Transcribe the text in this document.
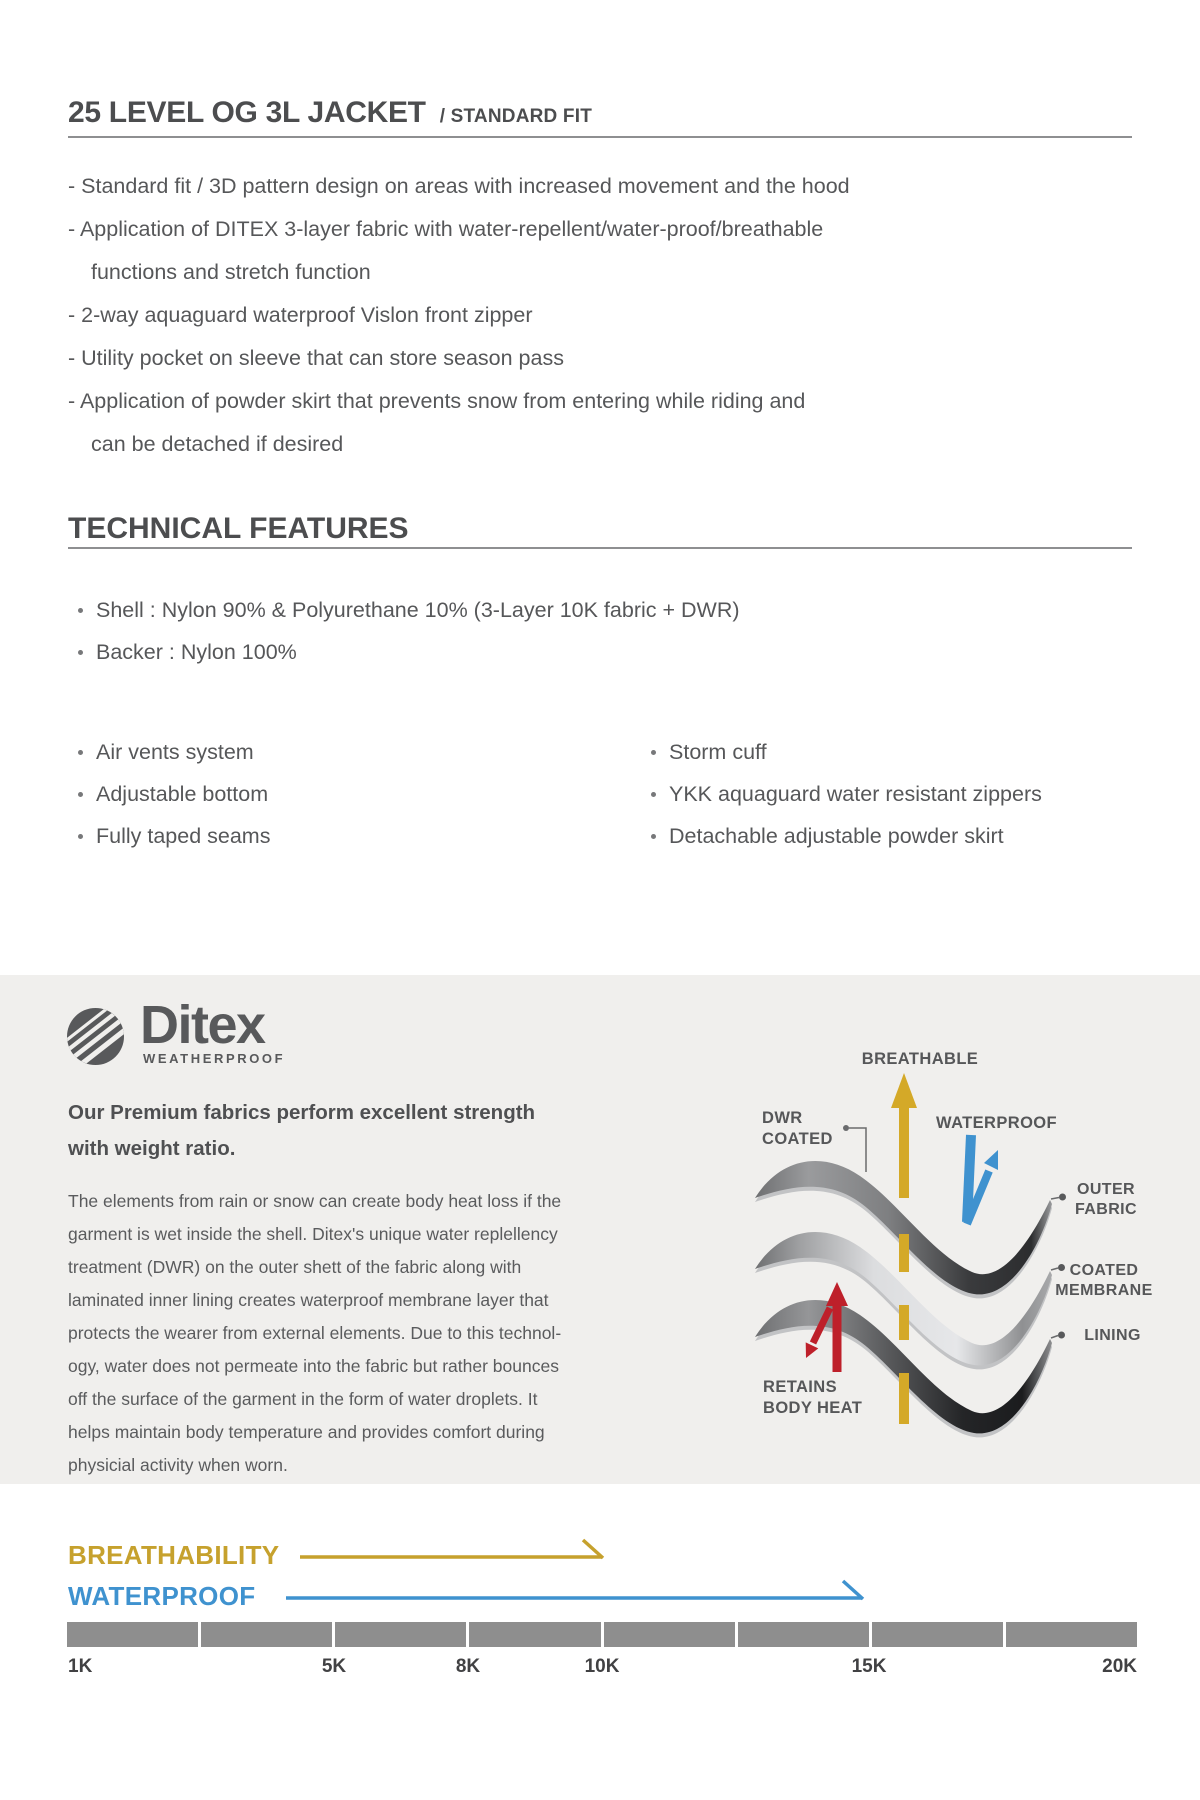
25 LEVEL OG 3L JACKET / STANDARD FIT
- Standard fit / 3D pattern design on areas with increased movement and the hood
- Application of DITEX 3-layer fabric with water-repellent/water-proof/breathable
functions and stretch function
- 2-way aquaguard waterproof Vislon front zipper
- Utility pocket on sleeve that can store season pass
- Application of powder skirt that prevents snow from entering while riding and
can be detached if desired
TECHNICAL FEATURES
Shell : Nylon 90% & Polyurethane 10% (3-Layer 10K fabric + DWR)
Backer : Nylon 100%
Air vents system
Adjustable bottom
Fully taped seams
Storm cuff
YKK aquaguard water resistant zippers
Detachable adjustable powder skirt
Ditex
WEATHERPROOF
Our Premium fabrics perform excellent strength
with weight ratio.
The elements from rain or snow can create body heat loss if the
garment is wet inside the shell. Ditex's unique water replellency
treatment (DWR) on the outer shett of the fabric along with
laminated inner lining creates waterproof membrane layer that
protects the wearer from external elements. Due to this technol-
ogy, water does not permeate into the fabric but rather bounces
off the surface of the garment in the form of water droplets. It
helps maintain body temperature and provides comfort during
physicial activity when worn.
BREATHABLE
DWR
COATED
WATERPROOF
OUTER
FABRIC
COATED
MEMBRANE
LINING
RETAINS
BODY HEAT
BREATHABILITY
WATERPROOF
1K	5K	8K	10K	15K	20K
